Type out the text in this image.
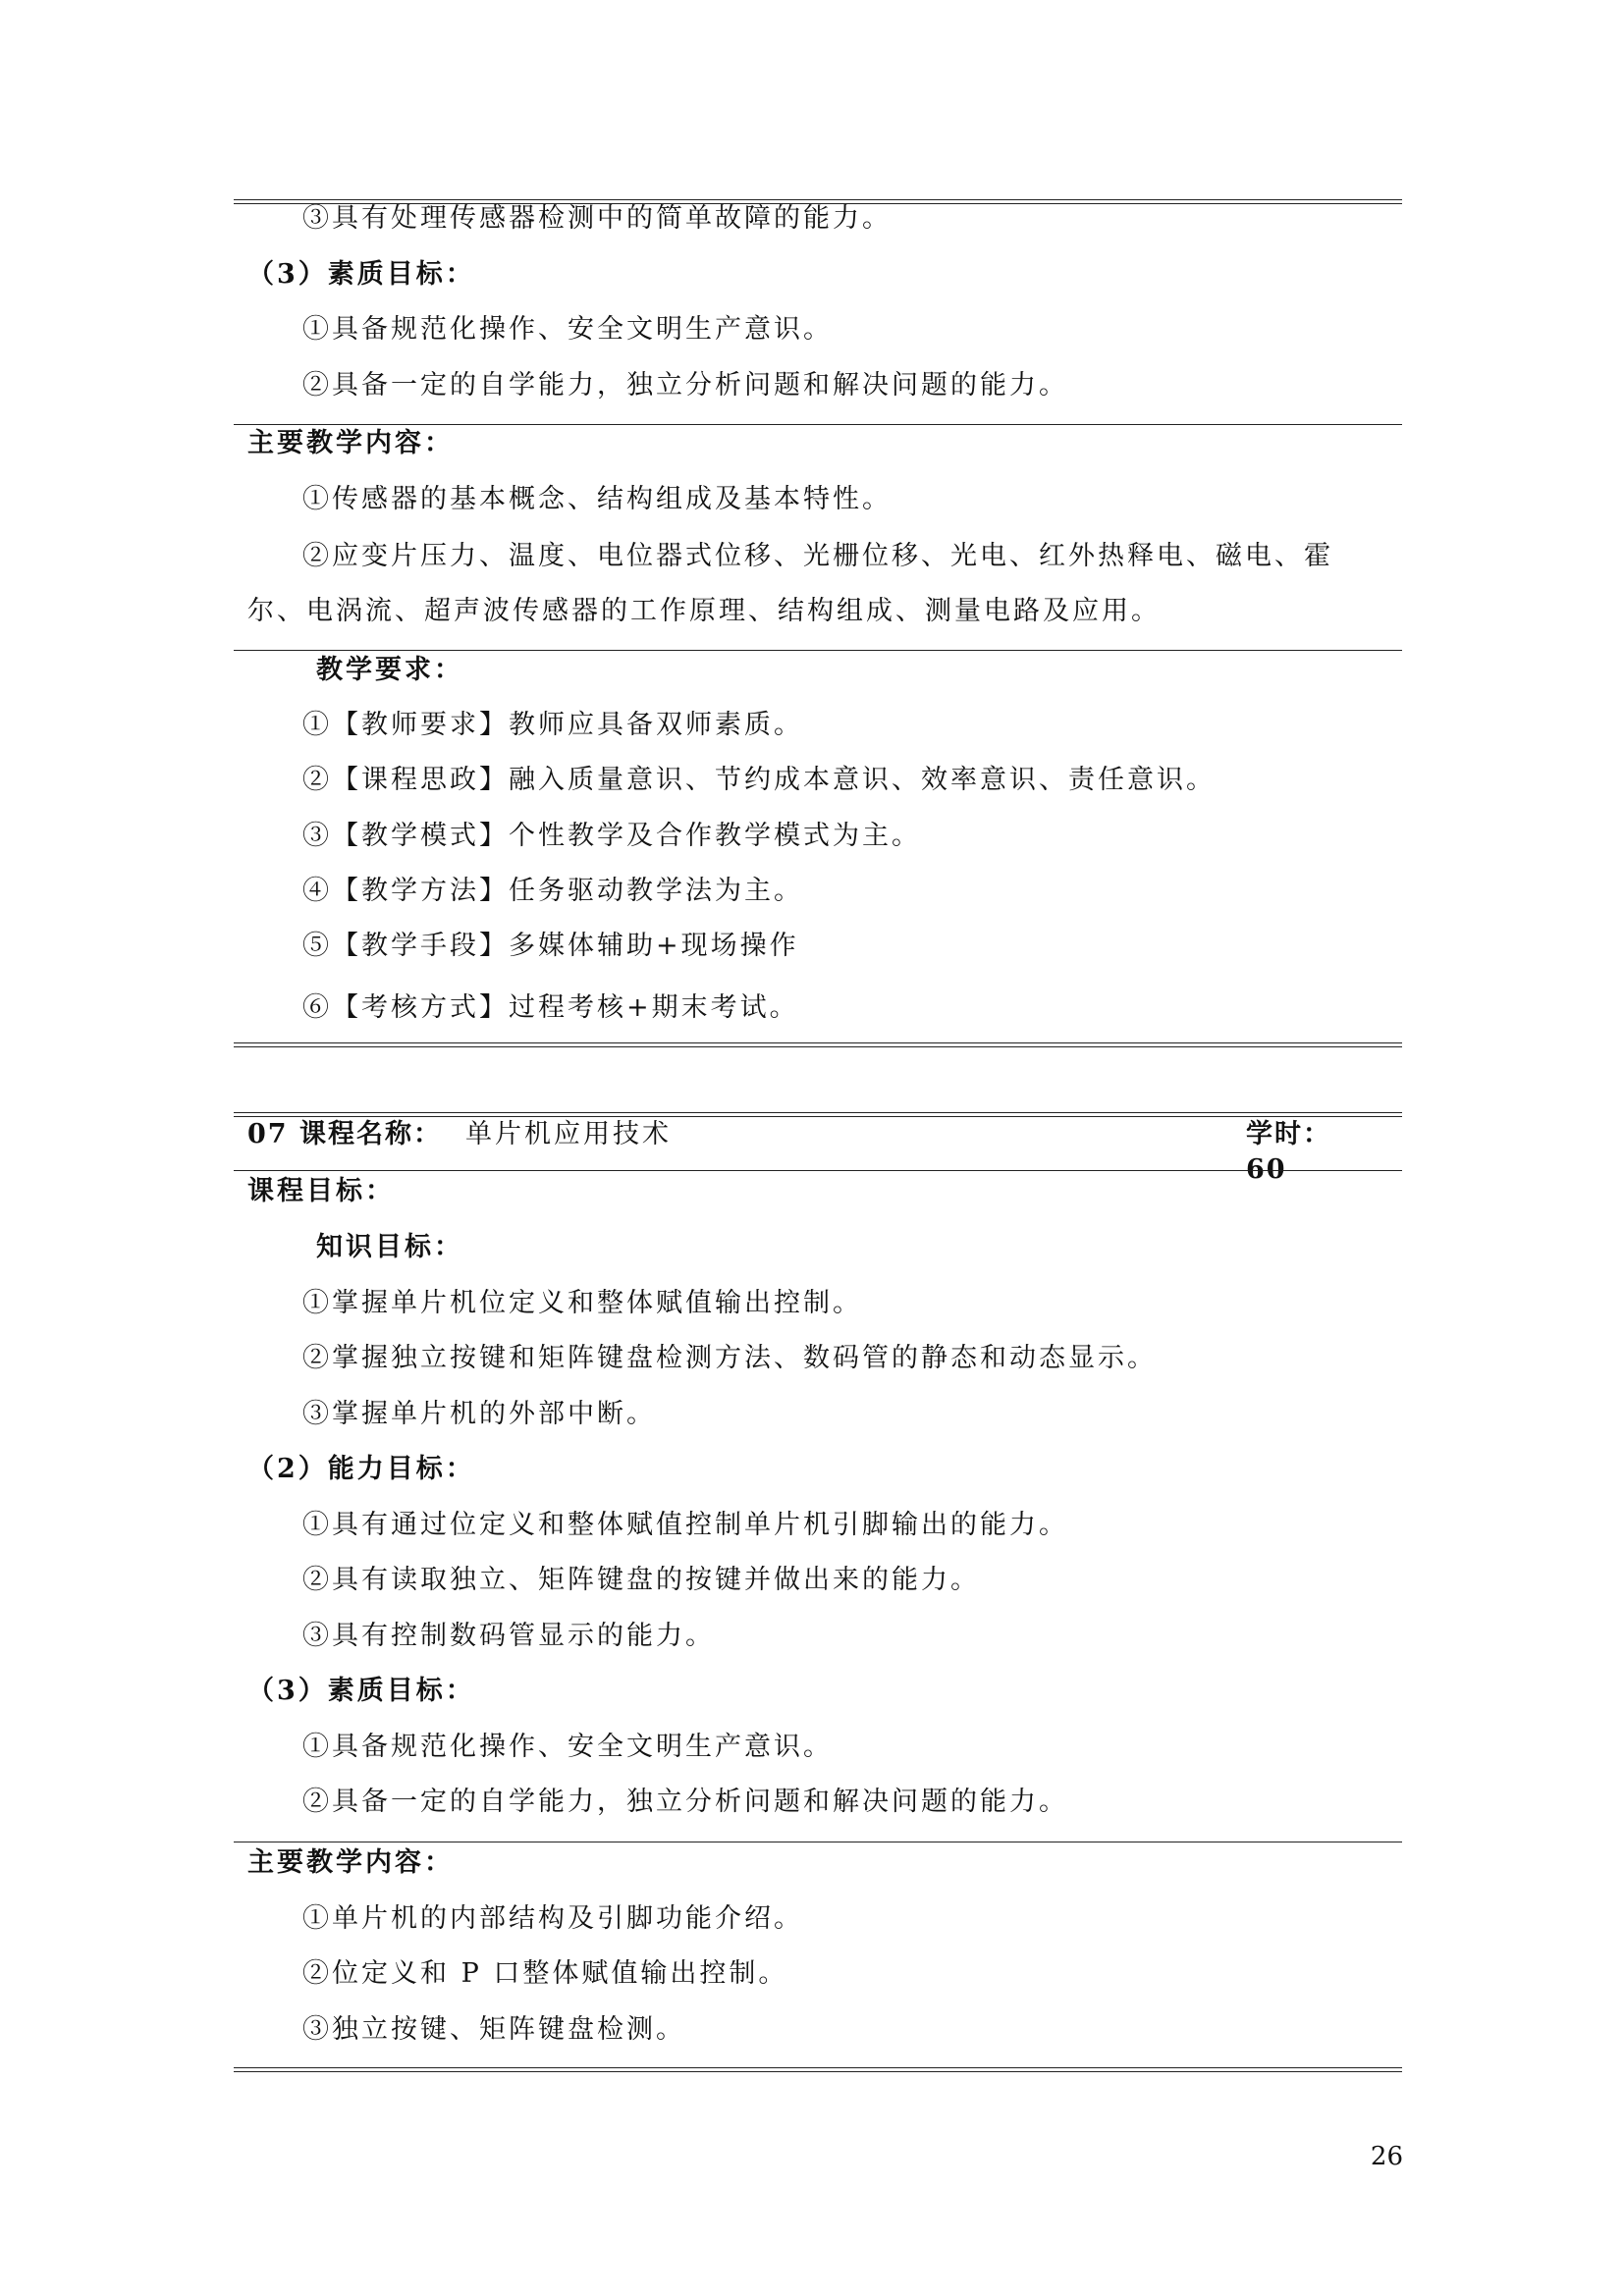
③具有处理传感器检测中的简单故障的能力。
（3）素质目标：
①具备规范化操作、安全文明生产意识。
②具备一定的自学能力，独立分析问题和解决问题的能力。
主要教学内容：
①传感器的基本概念、结构组成及基本特性。
②应变片压力、温度、电位器式位移、光栅位移、光电、红外热释电、磁电、霍尔、电涡流、超声波传感器的工作原理、结构组成、测量电路及应用。
教学要求：
①【教师要求】教师应具备双师素质。
②【课程思政】融入质量意识、节约成本意识、效率意识、责任意识。
③【教学模式】个性教学及合作教学模式为主。
④【教学方法】任务驱动教学法为主。
⑤【教学手段】多媒体辅助+现场操作
⑥【考核方式】过程考核+期末考试。
07 课程名称： 单片机应用技术	学时：60
课程目标：
知识目标：
①掌握单片机位定义和整体赋值输出控制。
②掌握独立按键和矩阵键盘检测方法、数码管的静态和动态显示。
③掌握单片机的外部中断。
（2）能力目标：
①具有通过位定义和整体赋值控制单片机引脚输出的能力。
②具有读取独立、矩阵键盘的按键并做出来的能力。
③具有控制数码管显示的能力。
（3）素质目标：
①具备规范化操作、安全文明生产意识。
②具备一定的自学能力，独立分析问题和解决问题的能力。
主要教学内容：
①单片机的内部结构及引脚功能介绍。
②位定义和 P 口整体赋值输出控制。
③独立按键、矩阵键盘检测。
26
